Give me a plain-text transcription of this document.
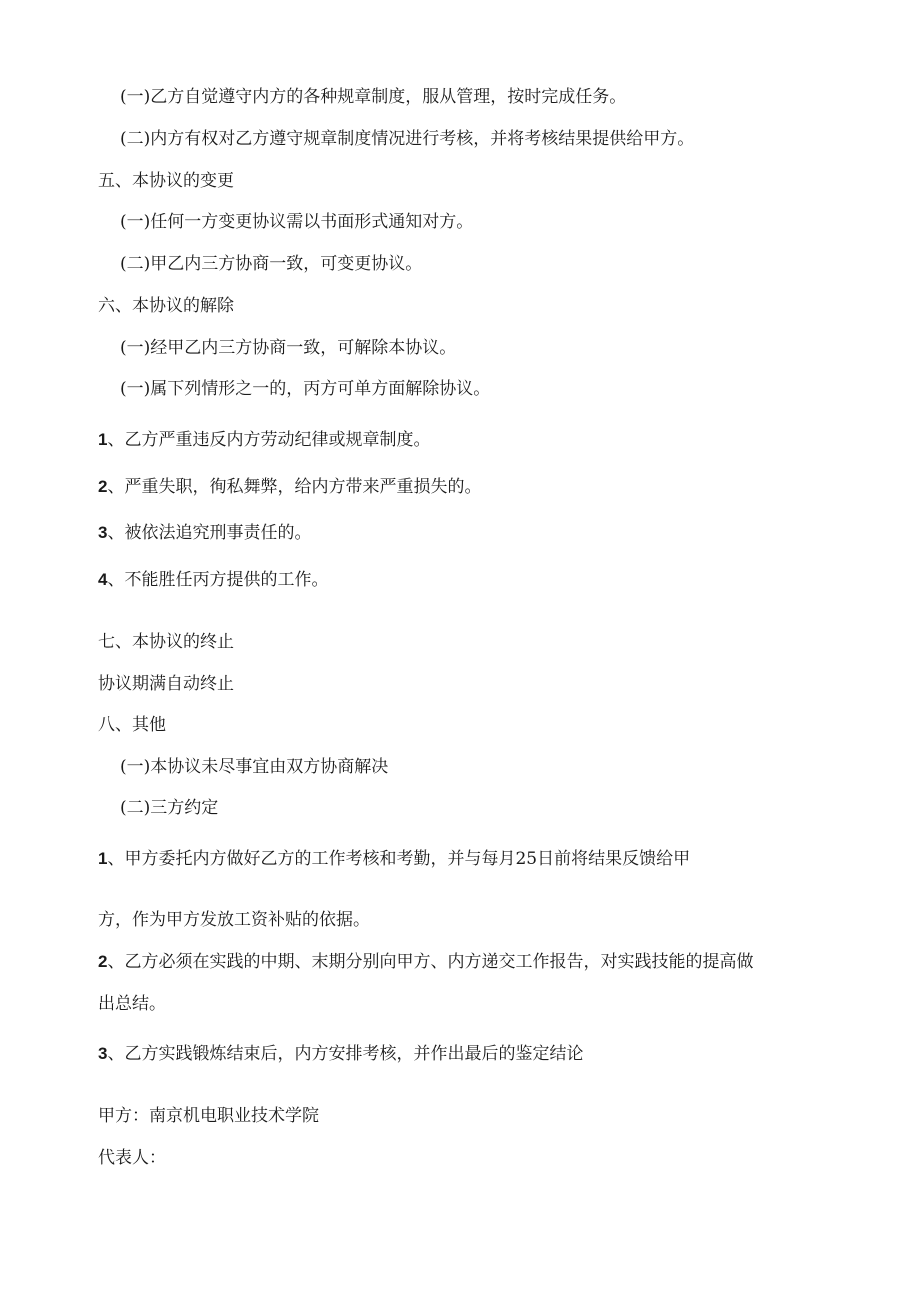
(一)乙方自觉遵守内方的各种规章制度，服从管理，按时完成任务。
(二)内方有权对乙方遵守规章制度情况进行考核，并将考核结果提供给甲方。
五、本协议的变更
(一)任何一方变更协议需以书面形式通知对方。
(二)甲乙内三方协商一致，可变更协议。
六、本协议的解除
(一)经甲乙内三方协商一致，可解除本协议。
(一)属下列情形之一的，丙方可单方面解除协议。
1、乙方严重违反内方劳动纪律或规章制度。
2、严重失职，徇私舞弊，给内方带来严重损失的。
3、被依法追究刑事责任的。
4、不能胜任丙方提供的工作。
七、本协议的终止
协议期满自动终止
八、其他
(一)本协议未尽事宜由双方协商解决
(二)三方约定
1、甲方委托内方做好乙方的工作考核和考勤，并与每月25日前将结果反馈给甲
方，作为甲方发放工资补贴的依据。
2、乙方必须在实践的中期、末期分别向甲方、内方递交工作报告，对实践技能的提高做
出总结。
3、乙方实践锻炼结束后，内方安排考核，并作出最后的鉴定结论
甲方：南京机电职业技术学院
代表人：
